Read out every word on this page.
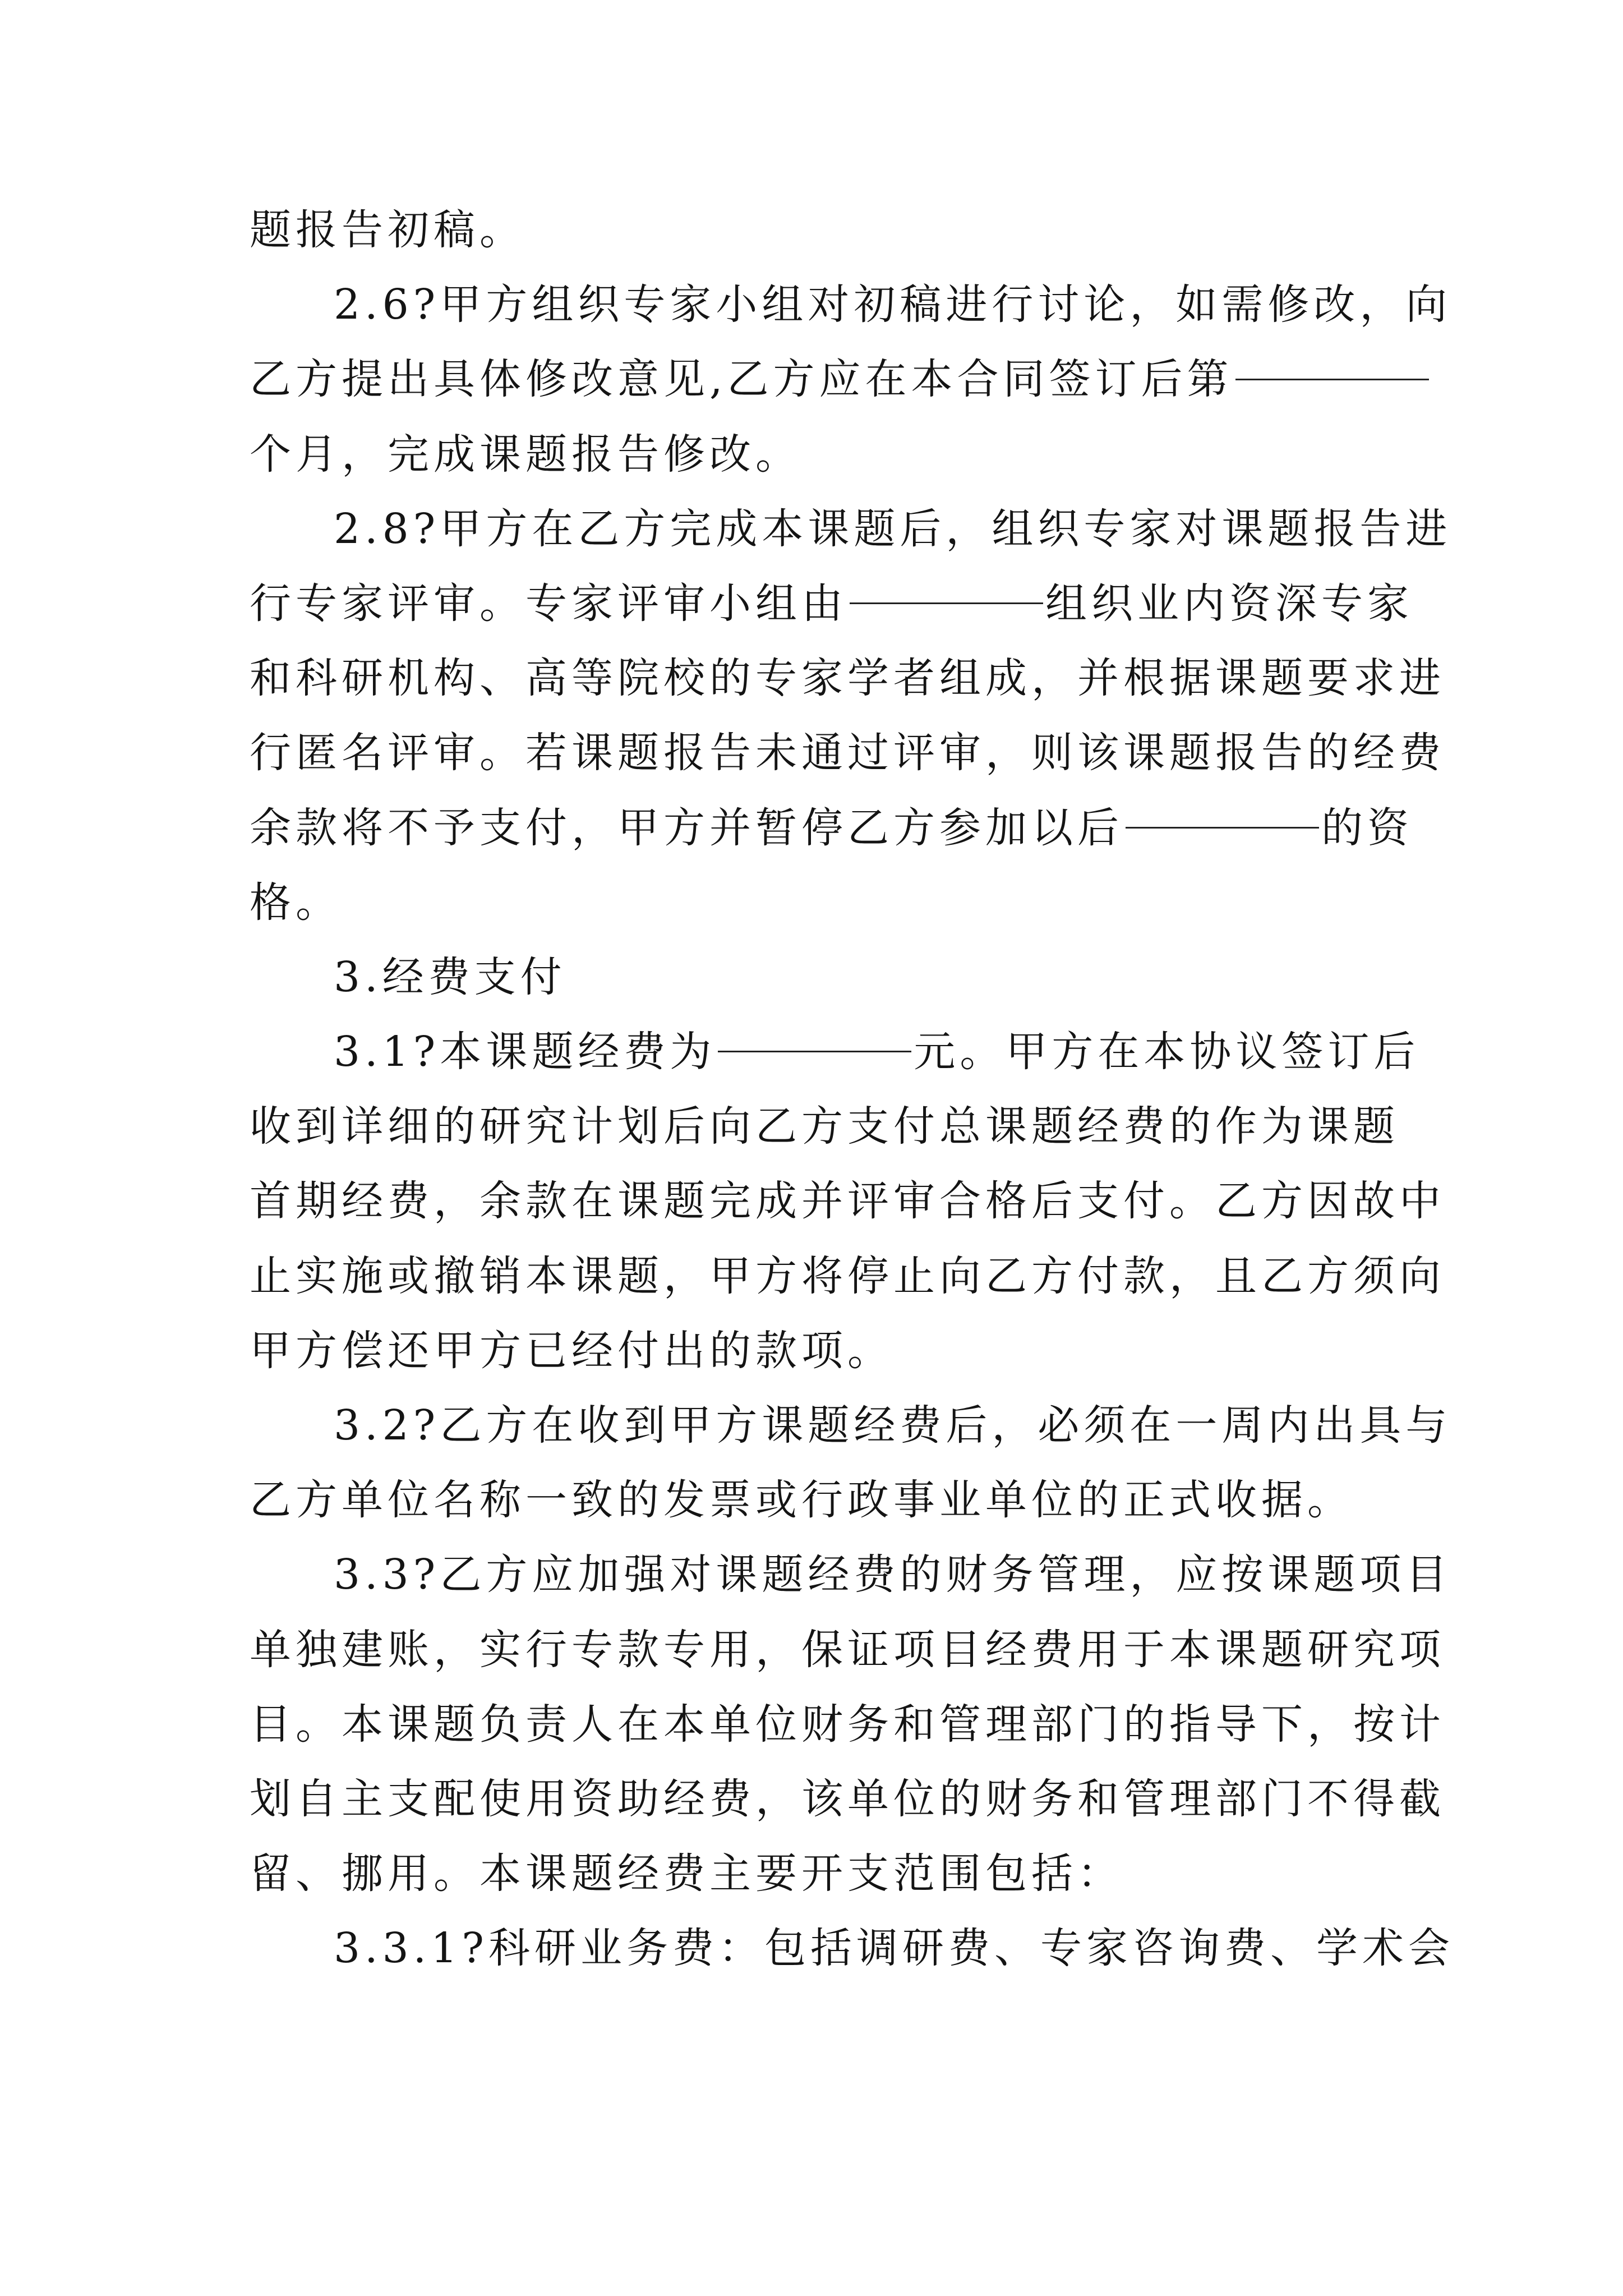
题报告初稿。
2.6?甲方组织专家小组对初稿进行讨论，如需修改，向
乙方提出具体修改意见,乙方应在本合同签订后第
个月，完成课题报告修改。
2.8?甲方在乙方完成本课题后，组织专家对课题报告进
行专家评审。专家评审小组由	组织业内资深专家
和科研机构、高等院校的专家学者组成，并根据课题要求进
行匿名评审。若课题报告未通过评审，则该课题报告的经费
余款将不予支付，甲方并暂停乙方参加以后	的资
格。
3.经费支付
3.1?本课题经费为	元。甲方在本协议签订后
收到详细的研究计划后向乙方支付总课题经费的作为课题
首期经费，余款在课题完成并评审合格后支付。乙方因故中
止实施或撤销本课题，甲方将停止向乙方付款，且乙方须向
甲方偿还甲方已经付出的款项。
3.2?乙方在收到甲方课题经费后，必须在一周内出具与
乙方单位名称一致的发票或行政事业单位的正式收据。
3.3?乙方应加强对课题经费的财务管理，应按课题项目
单独建账，实行专款专用，保证项目经费用于本课题研究项
目。本课题负责人在本单位财务和管理部门的指导下，按计
划自主支配使用资助经费，该单位的财务和管理部门不得截
留、挪用。本课题经费主要开支范围包括：
3.3.1?科研业务费：包括调研费、专家咨询费、学术会
